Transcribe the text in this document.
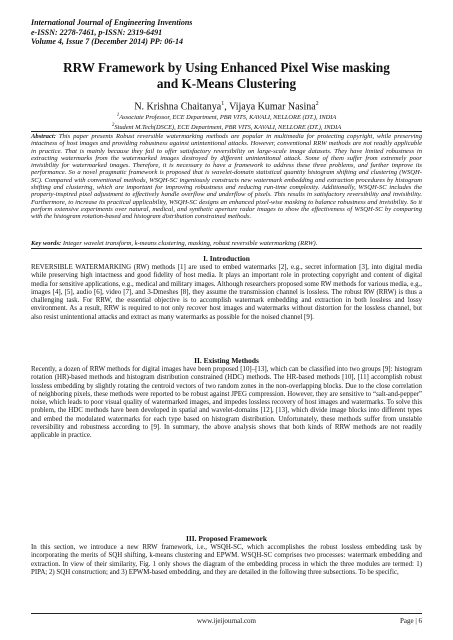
International Journal of Engineering Inventions
e-ISSN: 2278-7461, p-ISSN: 2319-6491
Volume 4, Issue 7 (December 2014) PP: 06-14
RRW Framework by Using Enhanced Pixel Wise masking
and K-Means Clustering
N. Krishna Chaitanya$^1$, Vijaya Kumar Nasina$^2$
$^1$Associate Professor, ECE Department, PBR VITS, KAVALI, NELLORE (DT.), INDIA
$^2$Student M.Tech(DSCE), ECE Department, PBR VITS, KAVALI, NELLORE (DT.), INDIA
Abstract: This paper presents Robust reversible watermarking methods are popular in multimedia for protecting copyright, while preserving intactness of host images and providing robustness against unintentional attacks. However, conventional RRW methods are not readily applicable in practice. That is mainly because they fail to offer satisfactory reversibility on large-scale image datasets. They have limited robustness in extracting watermarks from the watermarked images destroyed by different unintentional attack. Some of them suffer from extremely poor invisibility for watermarked images. Therefore, it is necessary to have a framework to address these three problems, and further improve its performance. So a novel pragmatic framework is proposed that is wavelet-domain statistical quantity histogram shifting and clustering (WSQH-SC). Compared with conventional methods, WSQH-SC ingeniously constructs new watermark embedding and extraction procedures by histogram shifting and clustering, which are important for improving robustness and reducing run-time complexity. Additionally, WSQH-SC includes the property-inspired pixel adjustment to effectively handle overflow and underflow of pixels. This results in satisfactory reversibility and invisibility. Furthermore, to increase its practical applicability, WSQH-SC designs an enhanced pixel-wise masking to balance robustness and invisibility. So it perform extensive experiments over natural, medical, and synthetic aperture radar images to show the effectiveness of WSQH-SC by comparing with the histogram rotation-based and histogram distribution constrained methods.
Key words: Integer wavelet transform, k-means clustering, masking, robust reversible watermarking (RRW).
I. Introduction
REVERSIBLE WATERMARKING (RW) methods [1] are used to embed watermarks [2], e.g., secret information [3], into digital media while preserving high intactness and good fidelity of host media. It plays an important role in protecting copyright and content of digital media for sensitive applications, e.g., medical and military images. Although researchers proposed some RW methods for various media, e.g., images [4], [5], audio [6], video [7], and 3-Dmeshes [8], they assume the transmission channel is lossless. The robust RW (RRW) is thus a challenging task. For RRW, the essential objective is to accomplish watermark embedding and extraction in both lossless and lossy environment. As a result, RRW is required to not only recover host images and watermarks without distortion for the lossless channel, but also resist unintentional attacks and extract as many watermarks as possible for the noised channel [9].
II. Existing Methods
Recently, a dozen of RRW methods for digital images have been proposed [10]–[13], which can be classified into two groups [9]: histogram rotation (HR)-based methods and histogram distribution constrained (HDC) methods. The HR-based methods [10], [11] accomplish robust lossless embedding by slightly rotating the centroid vectors of two random zones in the non-overlapping blocks. Due to the close correlation of neighboring pixels, these methods were reported to be robust against JPEG compression. However, they are sensitive to “salt-and-pepper” noise, which leads to poor visual quality of watermarked images, and impedes lossless recovery of host images and watermarks. To solve this problem, the HDC methods have been developed in spatial and wavelet-domains [12], [13], which divide image blocks into different types and embed the modulated watermarks for each type based on histogram distribution. Unfortunately, these methods suffer from unstable reversibility and robustness according to [9]. In summary, the above analysis shows that both kinds of RRW methods are not readily applicable in practice.
III. Proposed Framework
In this section, we introduce a new RRW framework, i.e., WSQH-SC, which accomplishes the robust lossless embedding task by incorporating the merits of SQH shifting, k-means clustering and EPWM. WSQH-SC comprises two processes: watermark embedding and extraction. In view of their similarity, Fig. 1 only shows the diagram of the embedding process in which the three modules are termed: 1) PIPA; 2) SQH construction; and 3) EPWM-based embedding, and they are detailed in the following three subsections. To be specific,
www.ijeijournal.com	Page | 6
